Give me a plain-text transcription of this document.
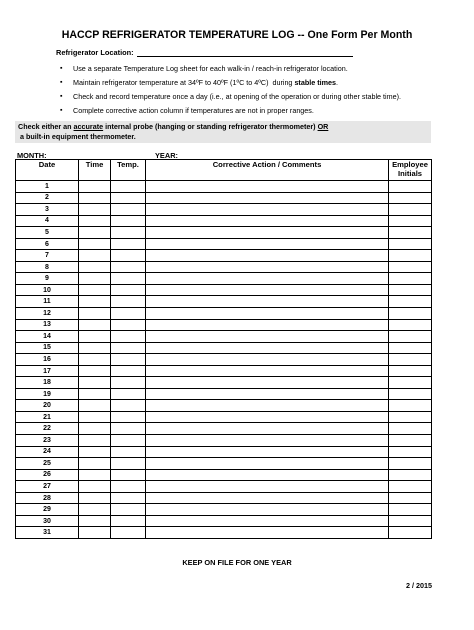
HACCP REFRIGERATOR TEMPERATURE LOG -- One Form Per Month
Refrigerator Location:
▪	Use a separate Temperature Log sheet for each walk-in / reach-in refrigerator location.
▪	Maintain refrigerator temperature at 34ºF to 40ºF (1ºC to 4ºC)  during stable times.
▪	Check and record temperature once a day (i.e., at opening of the operation or during other stable time).
▪	Complete corrective action column if temperatures are not in proper ranges.
Check either an accurate internal probe (hanging or standing refrigerator thermometer) OR a built-in equipment thermometer.
MONTH:	YEAR:
Date	Time	Temp.	Corrective Action / Comments	Employee Initials
1				
2				
3				
4				
5				
6				
7				
8				
9				
10				
11				
12				
13				
14				
15				
16				
17				
18				
19				
20				
21				
22				
23				
24				
25				
26				
27				
28				
29				
30				
31				
KEEP ON FILE FOR ONE YEAR
2 / 2015
